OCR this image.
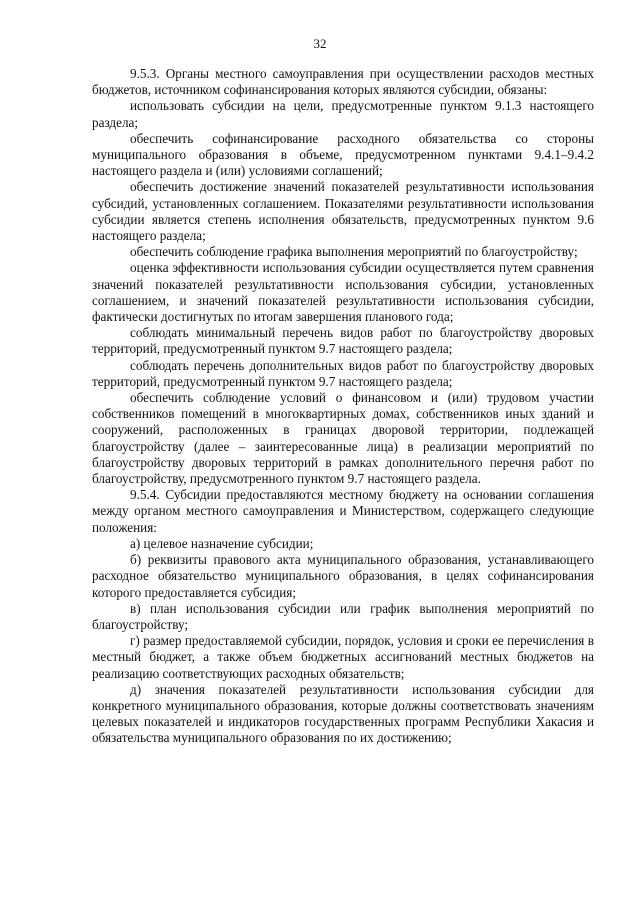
32

9.5.3. Органы местного самоуправления при осуществлении расходов местных бюджетов, источником софинансирования которых являются субсидии, обязаны:

использовать субсидии на цели, предусмотренные пунктом 9.1.3 настоящего раздела;

обеспечить софинансирование расходного обязательства со стороны муниципального образования в объеме, предусмотренном пунктами 9.4.1–9.4.2 настоящего раздела и (или) условиями соглашений;

обеспечить достижение значений показателей результативности использования субсидий, установленных соглашением. Показателями результативности использования субсидии является степень исполнения обязательств, предусмотренных пунктом 9.6 настоящего раздела;

обеспечить соблюдение графика выполнения мероприятий по благоустройству;

оценка эффективности использования субсидии осуществляется путем сравнения значений показателей результативности использования субсидии, установленных соглашением, и значений показателей результативности использования субсидии, фактически достигнутых по итогам завершения планового года;

соблюдать минимальный перечень видов работ по благоустройству дворовых территорий, предусмотренный пунктом 9.7 настоящего раздела;

соблюдать перечень дополнительных видов работ по благоустройству дворовых территорий, предусмотренный пунктом 9.7 настоящего раздела;

обеспечить соблюдение условий о финансовом и (или) трудовом участии собственников помещений в многоквартирных домах, собственников иных зданий и сооружений, расположенных в границах дворовой территории, подлежащей благоустройству (далее – заинтересованные лица) в реализации мероприятий по благоустройству дворовых территорий в рамках дополнительного перечня работ по благоустройству, предусмотренного пунктом 9.7 настоящего раздела.

9.5.4. Субсидии предоставляются местному бюджету на основании соглашения между органом местного самоуправления и Министерством, содержащего следующие положения:

а) целевое назначение субсидии;

б) реквизиты правового акта муниципального образования, устанавливающего расходное обязательство муниципального образования, в целях софинансирования которого предоставляется субсидия;

в) план использования субсидии или график выполнения мероприятий по благоустройству;

г) размер предоставляемой субсидии, порядок, условия и сроки ее перечисления в местный бюджет, а также объем бюджетных ассигнований местных бюджетов на реализацию соответствующих расходных обязательств;

д) значения показателей результативности использования субсидии для конкретного муниципального образования, которые должны соответствовать значениям целевых показателей и индикаторов государственных программ Республики Хакасия и обязательства муниципального образования по их достижению;
